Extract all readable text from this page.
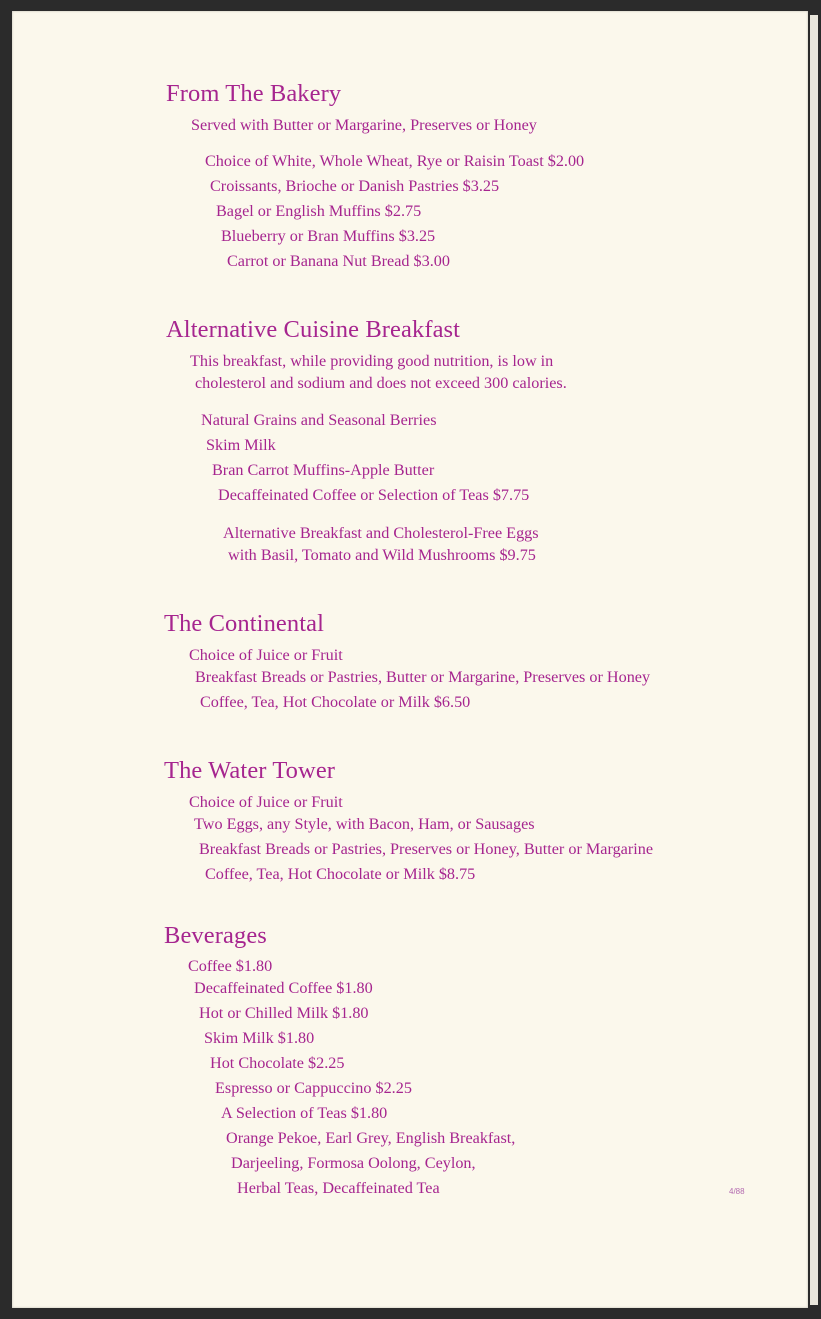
From The Bakery
Served with Butter or Margarine, Preserves or Honey
Choice of White, Whole Wheat, Rye or Raisin Toast $2.00
Croissants, Brioche or Danish Pastries $3.25
Bagel or English Muffins $2.75
Blueberry or Bran Muffins $3.25
Carrot or Banana Nut Bread $3.00
Alternative Cuisine Breakfast
This breakfast, while providing good nutrition, is low in
cholesterol and sodium and does not exceed 300 calories.
Natural Grains and Seasonal Berries
Skim Milk
Bran Carrot Muffins-Apple Butter
Decaffeinated Coffee or Selection of Teas $7.75
Alternative Breakfast and Cholesterol-Free Eggs
with Basil, Tomato and Wild Mushrooms $9.75
The Continental
Choice of Juice or Fruit
Breakfast Breads or Pastries, Butter or Margarine, Preserves or Honey
Coffee, Tea, Hot Chocolate or Milk $6.50
The Water Tower
Choice of Juice or Fruit
Two Eggs, any Style, with Bacon, Ham, or Sausages
Breakfast Breads or Pastries, Preserves or Honey, Butter or Margarine
Coffee, Tea, Hot Chocolate or Milk $8.75
Beverages
Coffee $1.80
Decaffeinated Coffee $1.80
Hot or Chilled Milk $1.80
Skim Milk $1.80
Hot Chocolate $2.25
Espresso or Cappuccino $2.25
A Selection of Teas $1.80
Orange Pekoe, Earl Grey, English Breakfast,
Darjeeling, Formosa Oolong, Ceylon,
Herbal Teas, Decaffeinated Tea	4/88
